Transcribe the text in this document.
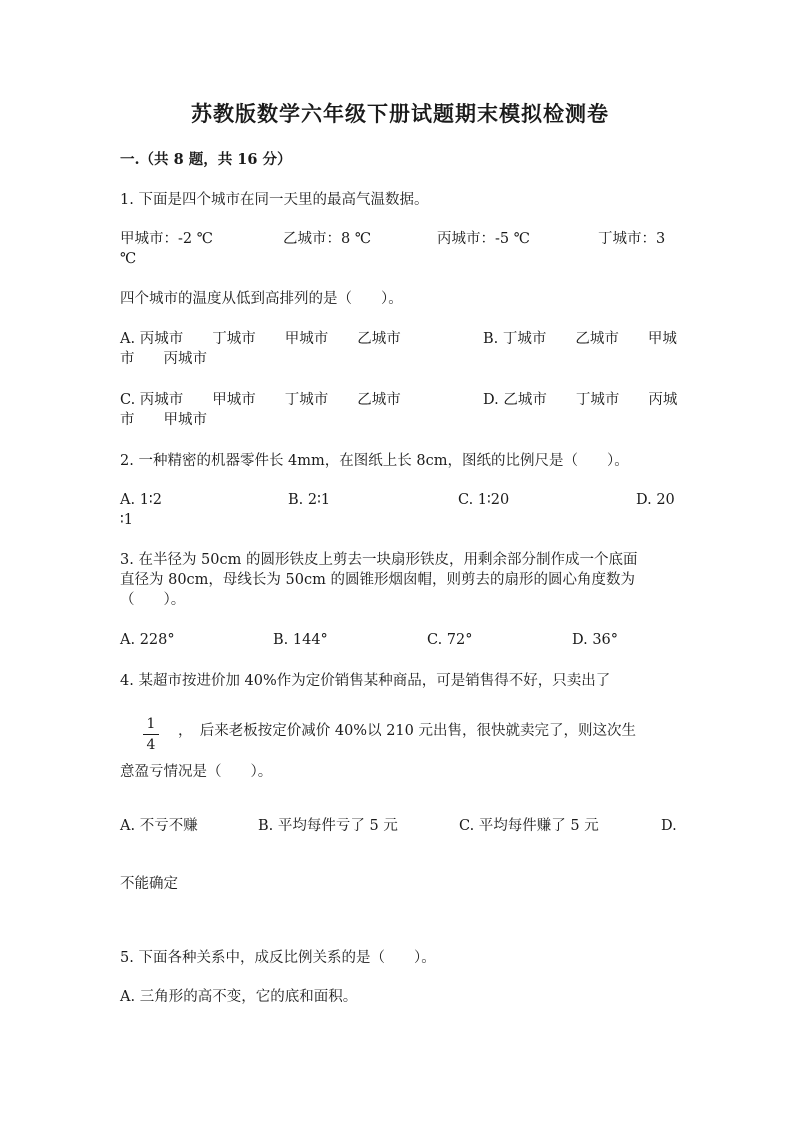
苏教版数学六年级下册试题期末模拟检测卷
一.（共 8 题，共 16 分）
1. 下面是四个城市在同一天里的最高气温数据。
甲城市：-2 ℃	乙城市：8 ℃	丙城市：-5 ℃	丁城市：3
℃
四个城市的温度从低到高排列的是（　　）。
A. 丙城市　　丁城市　　甲城市　　乙城市	B. 丁城市　　乙城市　　甲城
市　　丙城市
C. 丙城市　　甲城市　　丁城市　　乙城市	D. 乙城市　　丁城市　　丙城
市　　甲城市
2. 一种精密的机器零件长 4mm，在图纸上长 8cm，图纸的比例尺是（　　）。
A. 1∶2	B. 2∶1	C. 1∶20	D. 20
∶1
3. 在半径为 50cm 的圆形铁皮上剪去一块扇形铁皮，用剩余部分制作成一个底面
直径为 80cm，母线长为 50cm 的圆锥形烟囱帽，则剪去的扇形的圆心角度数为
（　　）。
A. 228°	B. 144°	C. 72°	D. 36°
4. 某超市按进价加 40%作为定价销售某种商品，可是销售得不好，只卖出了
1
4
，　后来老板按定价减价 40%以 210 元出售，很快就卖完了，则这次生
意盈亏情况是（　　）。
A. 不亏不赚	B. 平均每件亏了 5 元	C. 平均每件赚了 5 元	D.
不能确定
5. 下面各种关系中，成反比例关系的是（　　）。
A. 三角形的高不变，它的底和面积。
